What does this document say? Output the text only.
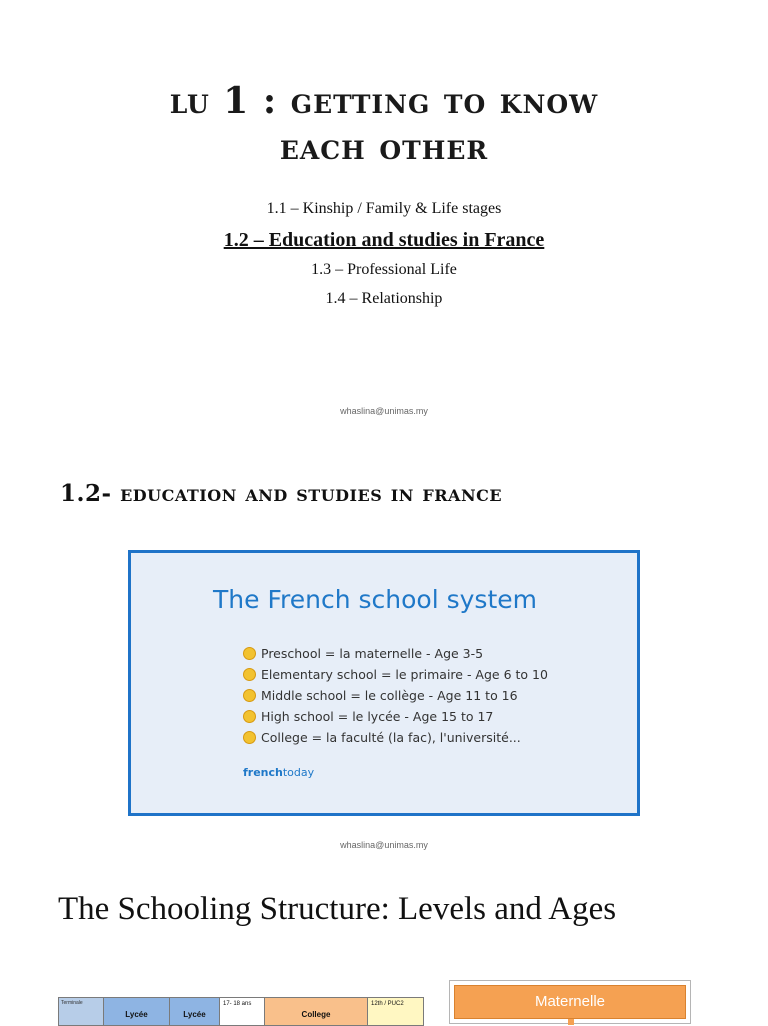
lu 1 : getting to know
each other
1.1 – Kinship / Family & Life stages
1.2 – Education and studies in France
1.3 – Professional Life
1.4 – Relationship
whaslina@unimas.my
1.2- education and studies in france
The French school system
Preschool = la maternelle - Age 3-5
Elementary school = le primaire - Age 6 to 10
Middle school = le collège - Age 11 to 16
High school = le lycée - Age 15 to 17
College = la faculté (la fac), l'université...
frenchtoday
whaslina@unimas.my
The Schooling Structure: Levels and Ages
Terminale
Lycée	Lycée
17- 18 ans
College
12th / PUC2	Maternelle
